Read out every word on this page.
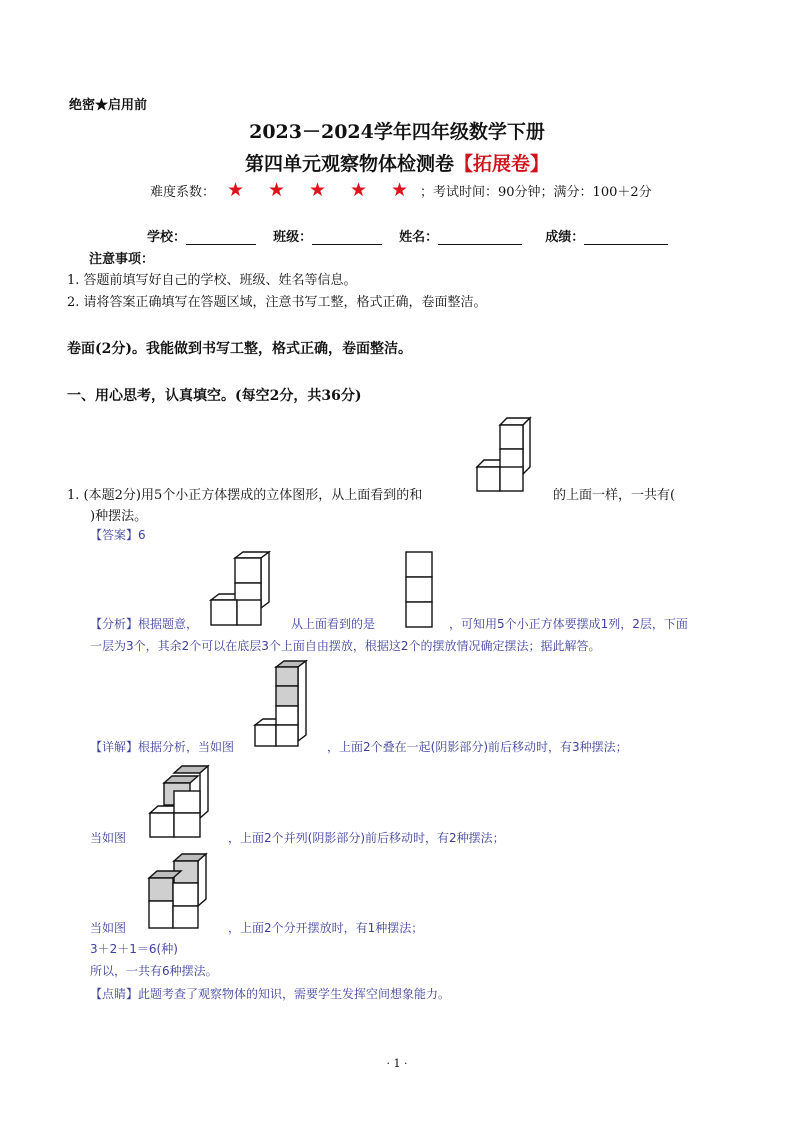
绝密★启用前
2023－2024学年四年级数学下册
第四单元观察物体检测卷【拓展卷】
难度系数： ★ ★ ★ ★ ★ ；考试时间：90分钟；满分：100＋2分
学校：	班级：	姓名：	成绩：
注意事项：
1. 答题前填写好自己的学校、班级、姓名等信息。
2. 请将答案正确填写在答题区域，注意书写工整，格式正确，卷面整洁。
卷面(2分)。我能做到书写工整，格式正确，卷面整洁。
一、用心思考，认真填空。(每空2分，共36分)
1. (本题2分)用5个小正方体摆成的立体图形，从上面看到的和	的上面一样，一共有(
)种摆法。
【答案】6
【分析】根据题意，	从上面看到的是	，可知用5个小正方体要摆成1列，2层，下面
一层为3个，其余2个可以在底层3个上面自由摆放，根据这2个的摆放情况确定摆法；据此解答。
【详解】根据分析，当如图	，上面2个叠在一起(阴影部分)前后移动时，有3种摆法；
当如图	，上面2个并列(阴影部分)前后移动时，有2种摆法；
当如图	，上面2个分开摆放时，有1种摆法；
3＋2＋1＝6(种)
所以，一共有6种摆法。
【点睛】此题考查了观察物体的知识，需要学生发挥空间想象能力。
· 1 ·
